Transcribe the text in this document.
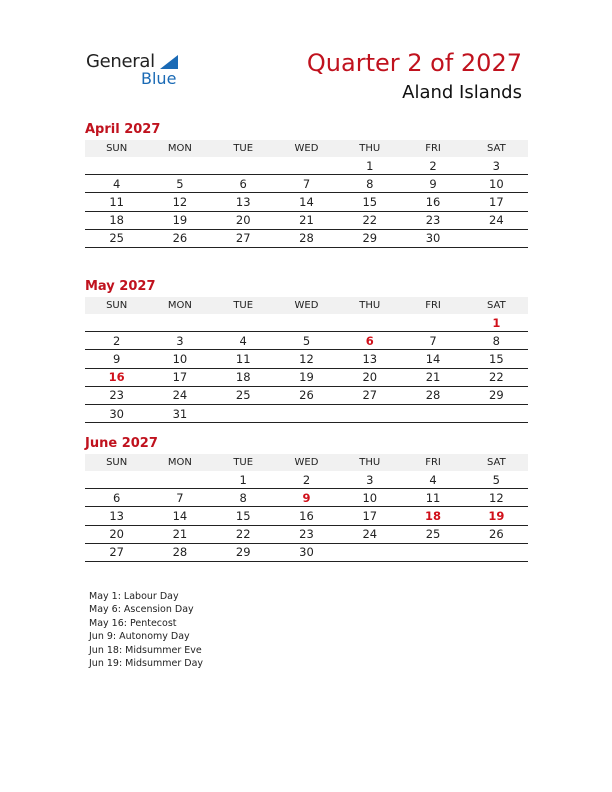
General
Blue
Quarter 2 of 2027
Aland Islands
April 2027
SUN	MON	TUE	WED	THU	FRI	SAT
				1	2	3
4	5	6	7	8	9	10
11	12	13	14	15	16	17
18	19	20	21	22	23	24
25	26	27	28	29	30	
May 2027
SUN	MON	TUE	WED	THU	FRI	SAT
						1
2	3	4	5	6	7	8
9	10	11	12	13	14	15
16	17	18	19	20	21	22
23	24	25	26	27	28	29
30	31					
June 2027
SUN	MON	TUE	WED	THU	FRI	SAT
		1	2	3	4	5
6	7	8	9	10	11	12
13	14	15	16	17	18	19
20	21	22	23	24	25	26
27	28	29	30			
May 1: Labour Day
May 6: Ascension Day
May 16: Pentecost
Jun 9: Autonomy Day
Jun 18: Midsummer Eve
Jun 19: Midsummer Day
